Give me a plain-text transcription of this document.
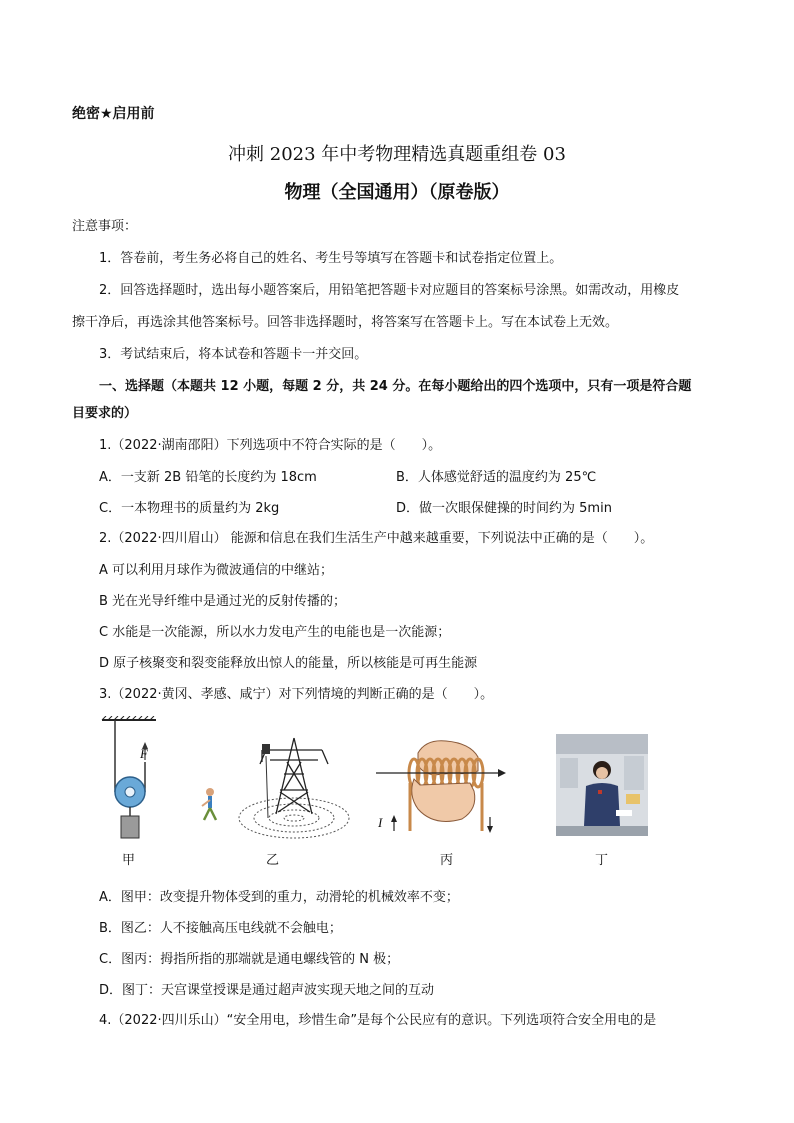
绝密★启用前
冲刺 2023 年中考物理精选真题重组卷 03
物理（全国通用）（原卷版）
注意事项：
1．答卷前，考生务必将自己的姓名、考生号等填写在答题卡和试卷指定位置上。
2．回答选择题时，选出每小题答案后，用铅笔把答题卡对应题目的答案标号涂黑。如需改动，用橡皮
擦干净后，再选涂其他答案标号。回答非选择题时，将答案写在答题卡上。写在本试卷上无效。
3．考试结束后，将本试卷和答题卡一并交回。
一、选择题（本题共 12 小题，每题 2 分，共 24 分。在每小题给出的四个选项中，只有一项是符合题
目要求的）
1.（2022·湖南邵阳）下列选项中不符合实际的是（　　）。
A．一支新 2B 铅笔的长度约为 18cm	B．人体感觉舒适的温度约为 25℃
C．一本物理书的质量约为 2kg	D．做一次眼保健操的时间约为 5min
2.（2022·四川眉山） 能源和信息在我们生活生产中越来越重要，下列说法中正确的是（　　）。
A 可以利用月球作为微波通信的中继站；
B 光在光导纤维中是通过光的反射传播的；
C 水能是一次能源，所以水力发电产生的电能也是一次能源；
D 原子核聚变和裂变能释放出惊人的能量，所以核能是可再生能源
3.（2022·黄冈、孝感、咸宁）对下列情境的判断正确的是（　　）。
F
甲	乙
I
丙	丁
A．图甲：改变提升物体受到的重力，动滑轮的机械效率不变；
B．图乙：人不接触高压电线就不会触电；
C．图丙：拇指所指的那端就是通电螺线管的 N 极；
D．图丁：天宫课堂授课是通过超声波实现天地之间的互动
4.（2022·四川乐山）“安全用电，珍惜生命”是每个公民应有的意识。下列选项符合安全用电的是
